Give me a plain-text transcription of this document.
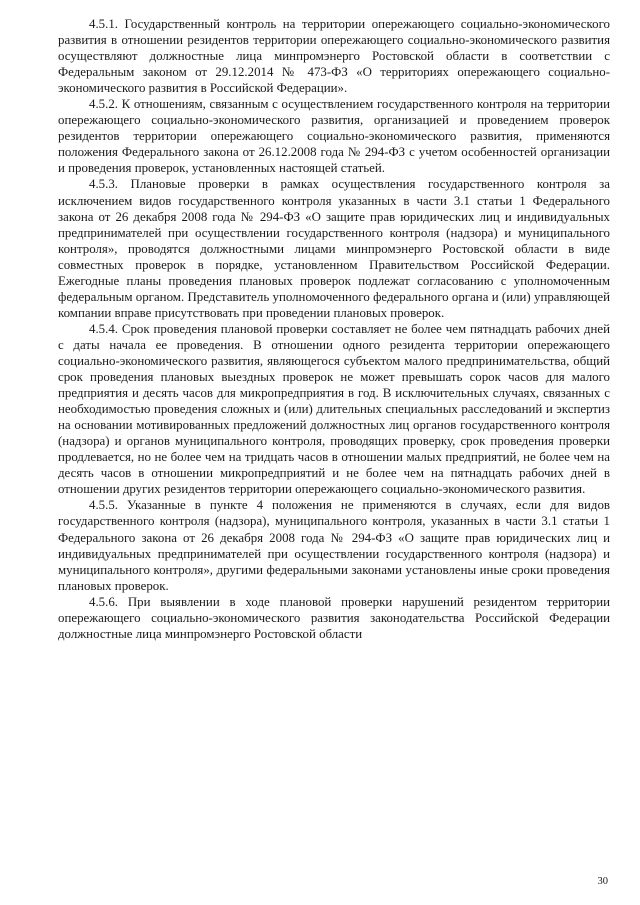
4.5.1. Государственный контроль на территории опережающего социально-экономического развития в отношении резидентов территории опережающего социально-экономического развития осуществляют должностные лица минпромэнерго Ростовской области в соответствии с Федеральным законом от 29.12.2014 № 473-ФЗ «О территориях опережающего социально-экономического развития в Российской Федерации».

4.5.2. К отношениям, связанным с осуществлением государственного контроля на территории опережающего социально-экономического развития, организацией и проведением проверок резидентов территории опережающего социально-экономического развития, применяются положения Федерального закона от 26.12.2008 года № 294-ФЗ с учетом особенностей организации и проведения проверок, установленных настоящей статьей.

4.5.3. Плановые проверки в рамках осуществления государственного контроля за исключением видов государственного контроля указанных в части 3.1 статьи 1 Федерального закона от 26 декабря 2008 года № 294-ФЗ «О защите прав юридических лиц и индивидуальных предпринимателей при осуществлении государственного контроля (надзора) и муниципального контроля», проводятся должностными лицами минпромэнерго Ростовской области в виде совместных проверок в порядке, установленном Правительством Российской Федерации. Ежегодные планы проведения плановых проверок подлежат согласованию с уполномоченным федеральным органом. Представитель уполномоченного федерального органа и (или) управляющей компании вправе присутствовать при проведении плановых проверок.

4.5.4. Срок проведения плановой проверки составляет не более чем пятнадцать рабочих дней с даты начала ее проведения. В отношении одного резидента территории опережающего социально-экономического развития, являющегося субъектом малого предпринимательства, общий срок проведения плановых выездных проверок не может превышать сорок часов для малого предприятия и десять часов для микропредприятия в год. В исключительных случаях, связанных с необходимостью проведения сложных и (или) длительных специальных расследований и экспертиз на основании мотивированных предложений должностных лиц органов государственного контроля (надзора) и органов муниципального контроля, проводящих проверку, срок проведения проверки продлевается, но не более чем на тридцать часов в отношении малых предприятий, не более чем на десять часов в отношении микропредприятий и не более чем на пятнадцать рабочих дней в отношении других резидентов территории опережающего социально-экономического развития.

4.5.5. Указанные в пункте 4 положения не применяются в случаях, если для видов государственного контроля (надзора), муниципального контроля, указанных в части 3.1 статьи 1 Федерального закона от 26 декабря 2008 года № 294-ФЗ «О защите прав юридических лиц и индивидуальных предпринимателей при осуществлении государственного контроля (надзора) и муниципального контроля», другими федеральными законами установлены иные сроки проведения плановых проверок.

4.5.6. При выявлении в ходе плановой проверки нарушений резидентом территории опережающего социально-экономического развития законодательства Российской Федерации должностные лица минпромэнерго Ростовской области

30
